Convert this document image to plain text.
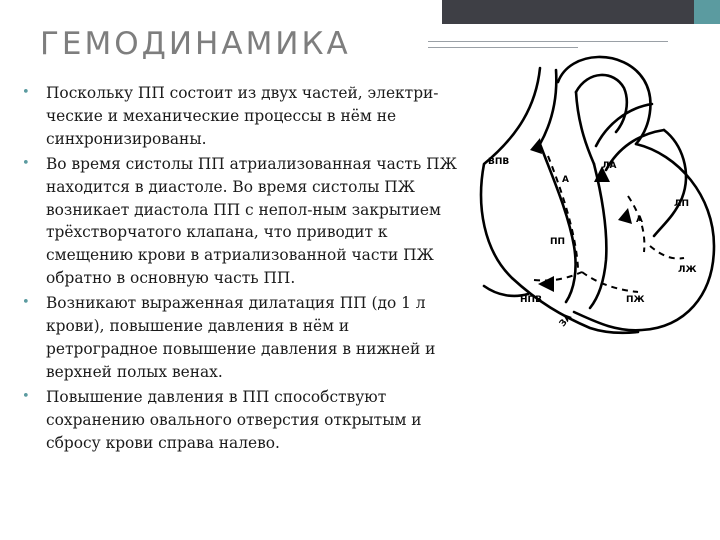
ГЕМОДИНАМИКА
• Поскольку ПП состоит из двух частей, электри-ческие и механические процессы в нём не синхронизированы.
• Во время систолы ПП атриализованная часть ПЖ находится в диастоле. Во время систолы ПЖ возникает диастола ПП с непол-ным закрытием трёхстворчатого клапана, что приводит к смещению крови в атриализованной части ПЖ обратно в основную часть ПП.
• Возникают выраженная дилатация ПП (до 1 л крови), повышение давления в нём и ретроградное повышение давления в нижней и верхней полых венах.
• Повышение давления в ПП способствуют сохранению овального отверстия открытым и сбросу крови справа налево.
ВПВ	ЛА
А
А
ЛП
ПП
ЛЖ
НПВ	ПЖ
ЗА
